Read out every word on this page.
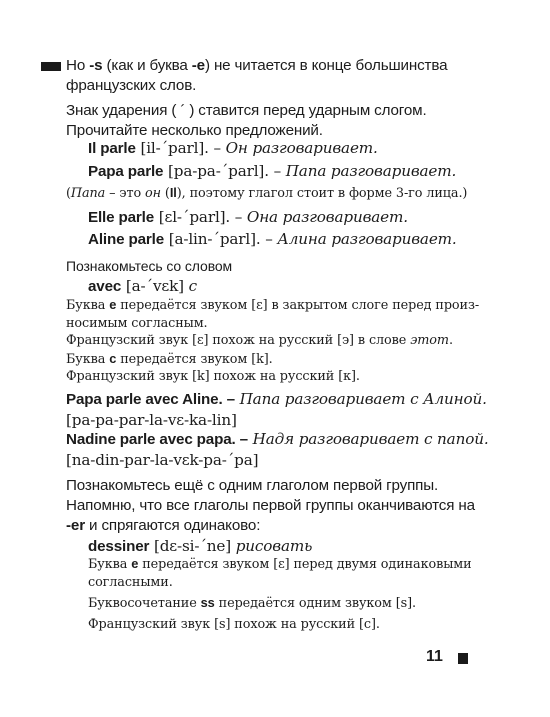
Но -s (как и буква -e) не читается в конце большинства
французских слов.
Знак ударения ( ´ ) ставится перед ударным слогом.
Прочитайте несколько предложений.
Il parle [il-´parl]. – Он разговаривает.
Papa parle [pa-pa-´parl]. – Папа разговаривает.
(Папа – это он (Il), поэтому глагол стоит в форме 3-го лица.)
Elle parle [ɛl-´parl]. – Она разговаривает.
Aline parle [a-lin-´parl]. – Алина разговаривает.
Познакомьтесь со словом
avec [a-´vɛk] с
Буква e передаётся звуком [ɛ] в закрытом слоге перед произ-
носимым согласным.
Французский звук [ɛ] похож на русский [э] в слове этот.
Буква c передаётся звуком [k].
Французский звук [k] похож на русский [к].
Papa parle avec Aline. – Папа разговаривает с Алиной.
[pa-pa-par-la-vɛ-ka-lin]
Nadine parle avec papa. – Надя разговаривает с папой.
[na-din-par-la-vɛk-pa-´pa]
Познакомьтесь ещё с одним глаголом первой группы.
Напомню, что все глаголы первой группы оканчиваются на
-er и спрягаются одинаково:
dessiner [dɛ-si-´ne] рисовать
Буква e передаётся звуком [ɛ] перед двумя одинаковыми
согласными.
Буквосочетание ss передаётся одним звуком [s].
Французский звук [s] похож на русский [с].
11
